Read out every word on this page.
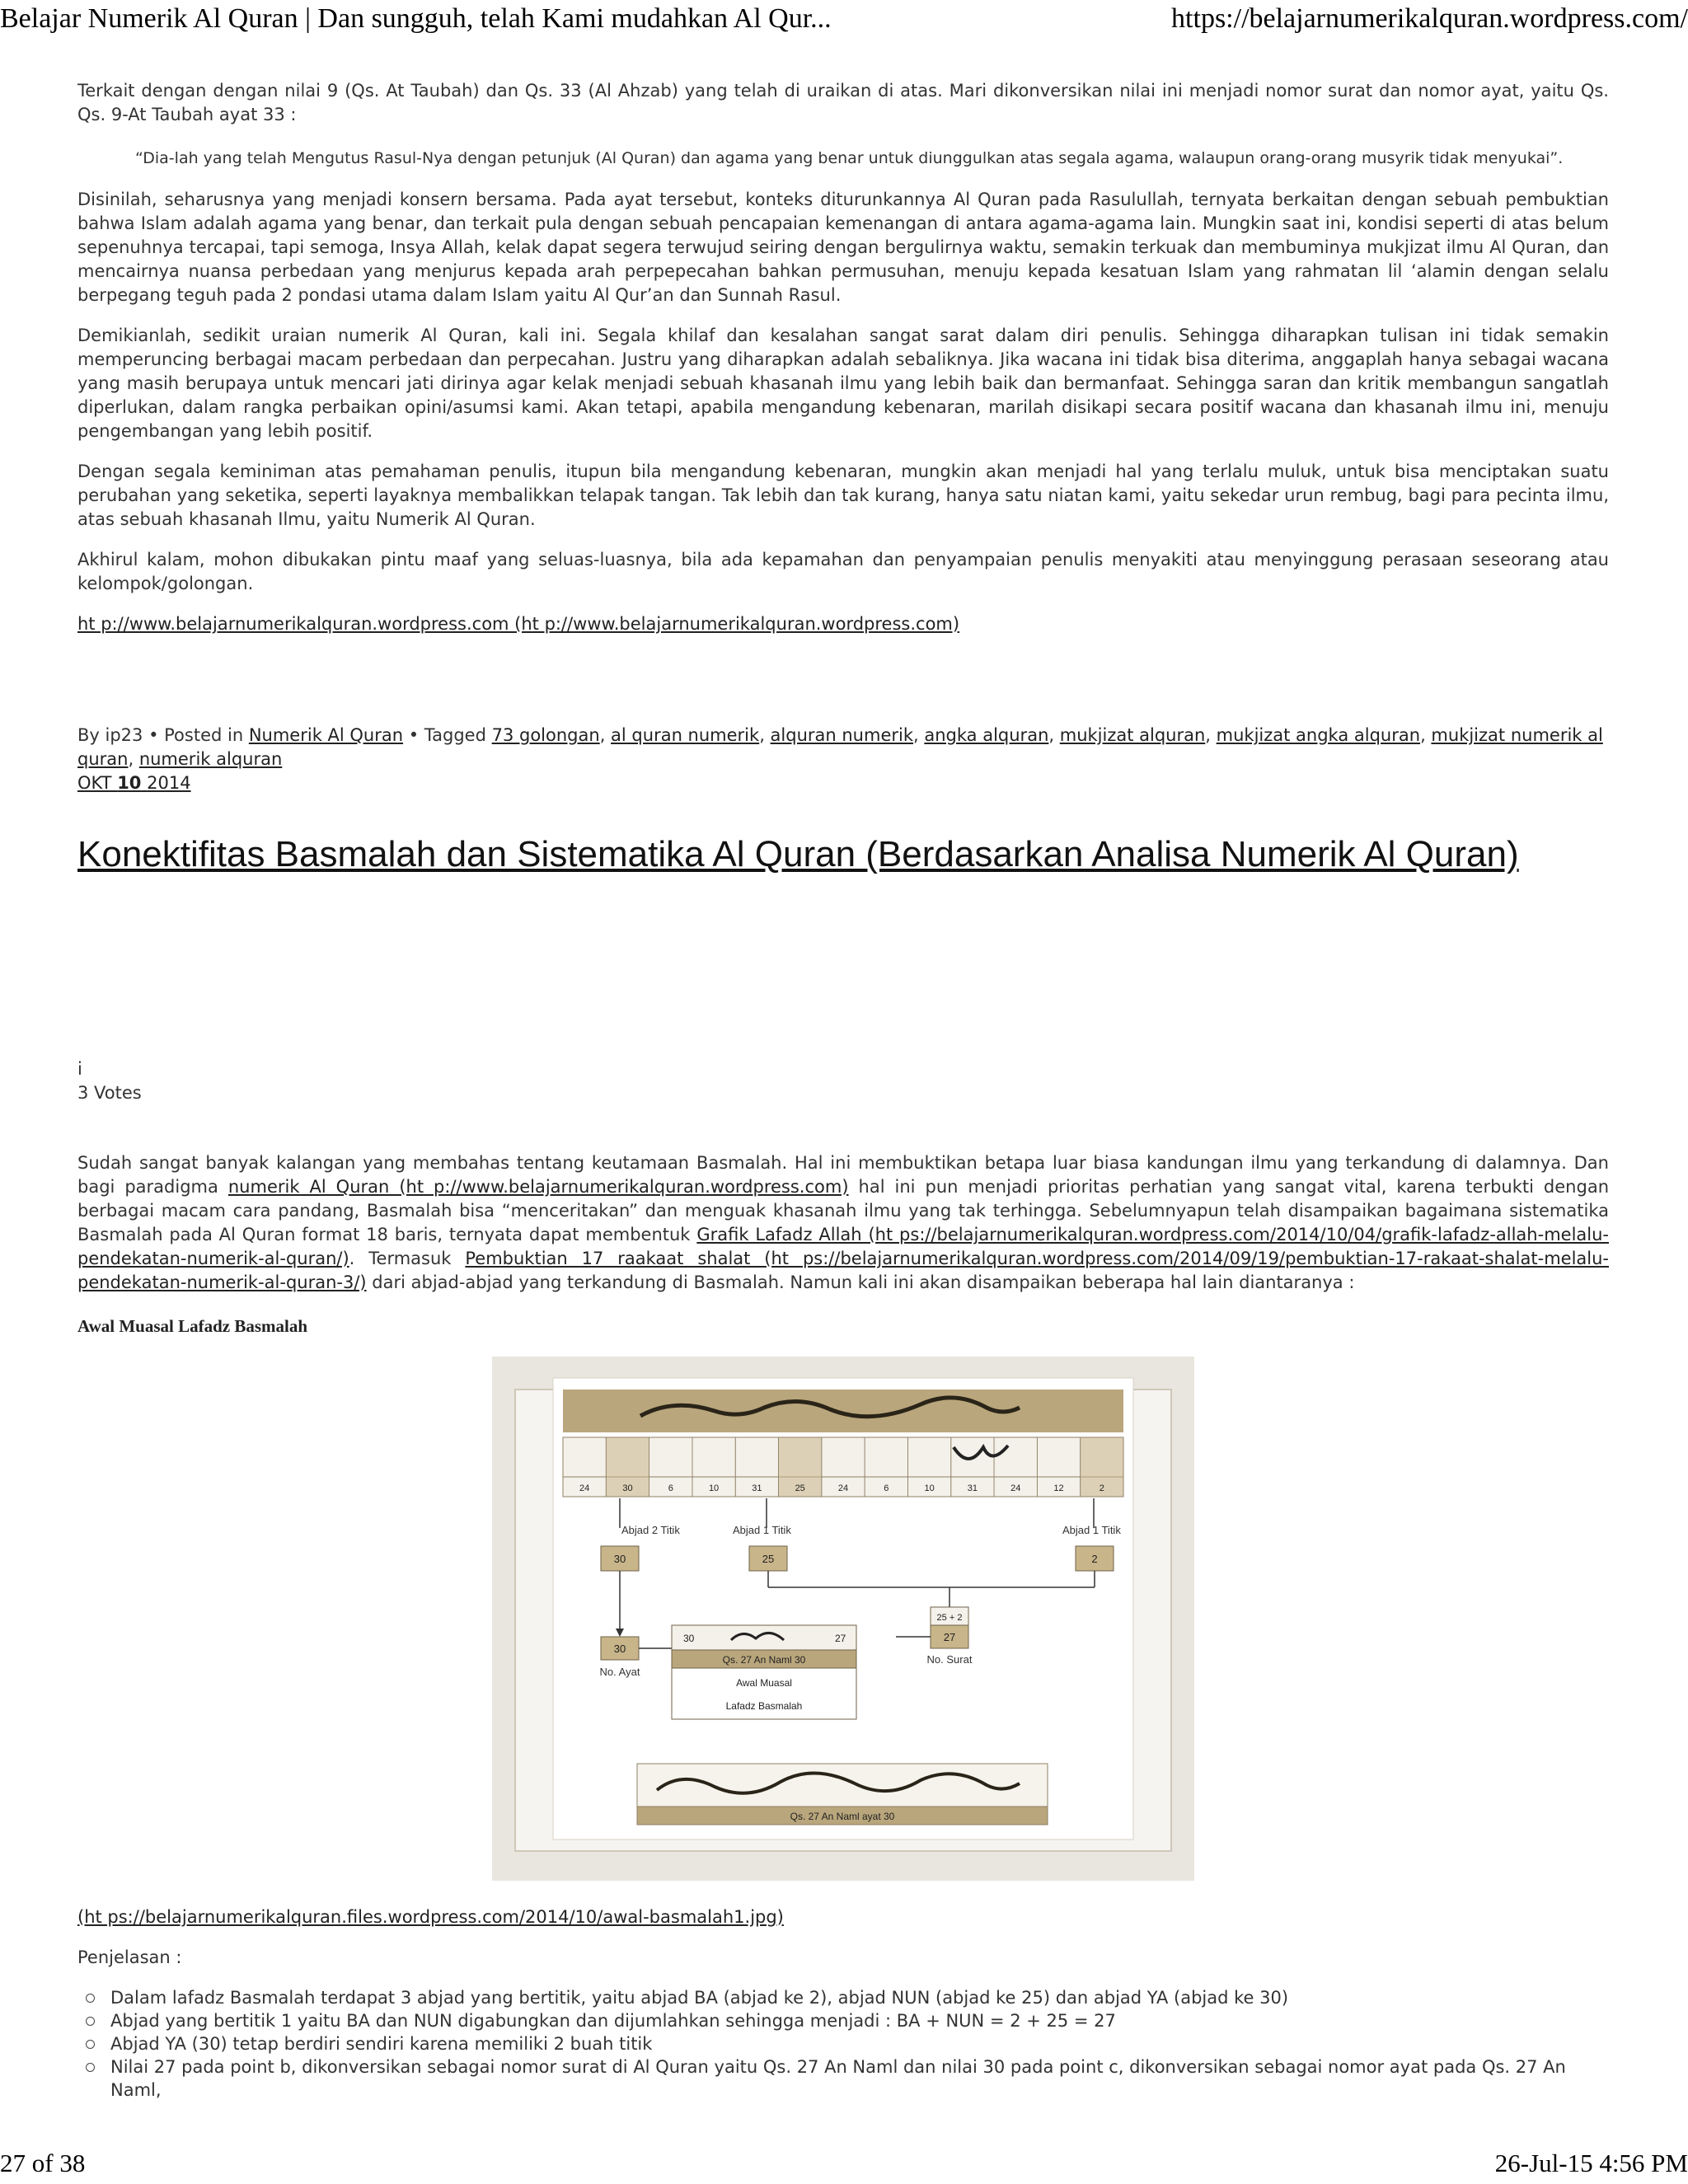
Belajar Numerik Al Quran | Dan sungguh, telah Kami mudahkan Al Qur...	https://belajarnumerikalquran.wordpress.com/

Terkait dengan dengan nilai 9 (Qs. At Taubah) dan Qs. 33 (Al Ahzab) yang telah di uraikan di atas. Mari dikonversikan nilai ini menjadi nomor surat dan nomor ayat, yaitu Qs. Qs. 9-At Taubah ayat 33 :

“Dia-lah yang telah Mengutus Rasul-Nya dengan petunjuk (Al Quran) dan agama yang benar untuk diunggulkan atas segala agama, walaupun orang-orang musyrik tidak menyukai”.

Disinilah, seharusnya yang menjadi konsern bersama. Pada ayat tersebut, konteks diturunkannya Al Quran pada Rasulullah, ternyata berkaitan dengan sebuah pembuktian bahwa Islam adalah agama yang benar, dan terkait pula dengan sebuah pencapaian kemenangan di antara agama-agama lain. Mungkin saat ini, kondisi seperti di atas belum sepenuhnya tercapai, tapi semoga, Insya Allah, kelak dapat segera terwujud seiring dengan bergulirnya waktu, semakin terkuak dan membuminya mukjizat ilmu Al Quran, dan mencairnya nuansa perbedaan yang menjurus kepada arah perpepecahan bahkan permusuhan, menuju kepada kesatuan Islam yang rahmatan lil ‘alamin dengan selalu berpegang teguh pada 2 pondasi utama dalam Islam yaitu Al Qur’an dan Sunnah Rasul.

Demikianlah, sedikit uraian numerik Al Quran, kali ini. Segala khilaf dan kesalahan sangat sarat dalam diri penulis. Sehingga diharapkan tulisan ini tidak semakin memperuncing berbagai macam perbedaan dan perpecahan. Justru yang diharapkan adalah sebaliknya. Jika wacana ini tidak bisa diterima, anggaplah hanya sebagai wacana yang masih berupaya untuk mencari jati dirinya agar kelak menjadi sebuah khasanah ilmu yang lebih baik dan bermanfaat. Sehingga saran dan kritik membangun sangatlah diperlukan, dalam rangka perbaikan opini/asumsi kami. Akan tetapi, apabila mengandung kebenaran, marilah disikapi secara positif wacana dan khasanah ilmu ini, menuju pengembangan yang lebih positif.

Dengan segala keminiman atas pemahaman penulis, itupun bila mengandung kebenaran, mungkin akan menjadi hal yang terlalu muluk, untuk bisa menciptakan suatu perubahan yang seketika, seperti layaknya membalikkan telapak tangan. Tak lebih dan tak kurang, hanya satu niatan kami, yaitu sekedar urun rembug, bagi para pecinta ilmu, atas sebuah khasanah Ilmu, yaitu Numerik Al Quran.

Akhirul kalam, mohon dibukakan pintu maaf yang seluas-luasnya, bila ada kepamahan dan penyampaian penulis menyakiti atau menyinggung perasaan seseorang atau kelompok/golongan.

ht p://www.belajarnumerikalquran.wordpress.com (ht p://www.belajarnumerikalquran.wordpress.com)

By ip23 • Posted in Numerik Al Quran • Tagged 73 golongan, al quran numerik, alquran numerik, angka alquran, mukjizat alquran, mukjizat angka alquran, mukjizat numerik al quran, numerik alquran
OKT 10 2014
Konektifitas Basmalah dan Sistematika Al Quran (Berdasarkan Analisa Numerik Al Quran)
i
3 Votes

Sudah sangat banyak kalangan yang membahas tentang keutamaan Basmalah. Hal ini membuktikan betapa luar biasa kandungan ilmu yang terkandung di dalamnya. Dan bagi paradigma numerik Al Quran (ht p://www.belajarnumerikalquran.wordpress.com) hal ini pun menjadi prioritas perhatian yang sangat vital, karena terbukti dengan berbagai macam cara pandang, Basmalah bisa “menceritakan” dan menguak khasanah ilmu yang tak terhingga. Sebelumnyapun telah disampaikan bagaimana sistematika Basmalah pada Al Quran format 18 baris, ternyata dapat membentuk Grafik Lafadz Allah (ht ps://belajarnumerikalquran.wordpress.com/2014/10/04/grafik-lafadz-allah-melalu-pendekatan-numerik-al-quran/). Termasuk Pembuktian 17 raakaat shalat (ht ps://belajarnumerikalquran.wordpress.com/2014/09/19/pembuktian-17-rakaat-shalat-melalu-pendekatan-numerik-al-quran-3/) dari abjad-abjad yang terkandung di Basmalah. Namun kali ini akan disampaikan beberapa hal lain diantaranya :

Awal Muasal Lafadz Basmalah
24	30	6	10	31	25	24	6	10	31	24	12	2
Abjad 2 Titik	Abjad 1 Titik	Abjad 1 Titik
30	25	2
25 + 2
27
No. Surat
30
No. Ayat
30	27
Qs. 27 An Naml 30
Awal Muasal
Lafadz Basmalah
Qs. 27 An Naml ayat 30

(ht ps://belajarnumerikalquran.files.wordpress.com/2014/10/awal-basmalah1.jpg)

Penjelasan :

Dalam lafadz Basmalah terdapat 3 abjad yang bertitik, yaitu abjad BA (abjad ke 2), abjad NUN (abjad ke 25) dan abjad YA (abjad ke 30)
Abjad yang bertitik 1 yaitu BA dan NUN digabungkan dan dijumlahkan sehingga menjadi : BA + NUN = 2 + 25 = 27
Abjad YA (30) tetap berdiri sendiri karena memiliki 2 buah titik
Nilai 27 pada point b, dikonversikan sebagai nomor surat di Al Quran yaitu Qs. 27 An Naml dan nilai 30 pada point c, dikonversikan sebagai nomor ayat pada Qs. 27 An Naml,
27 of 38	26-Jul-15 4:56 PM
